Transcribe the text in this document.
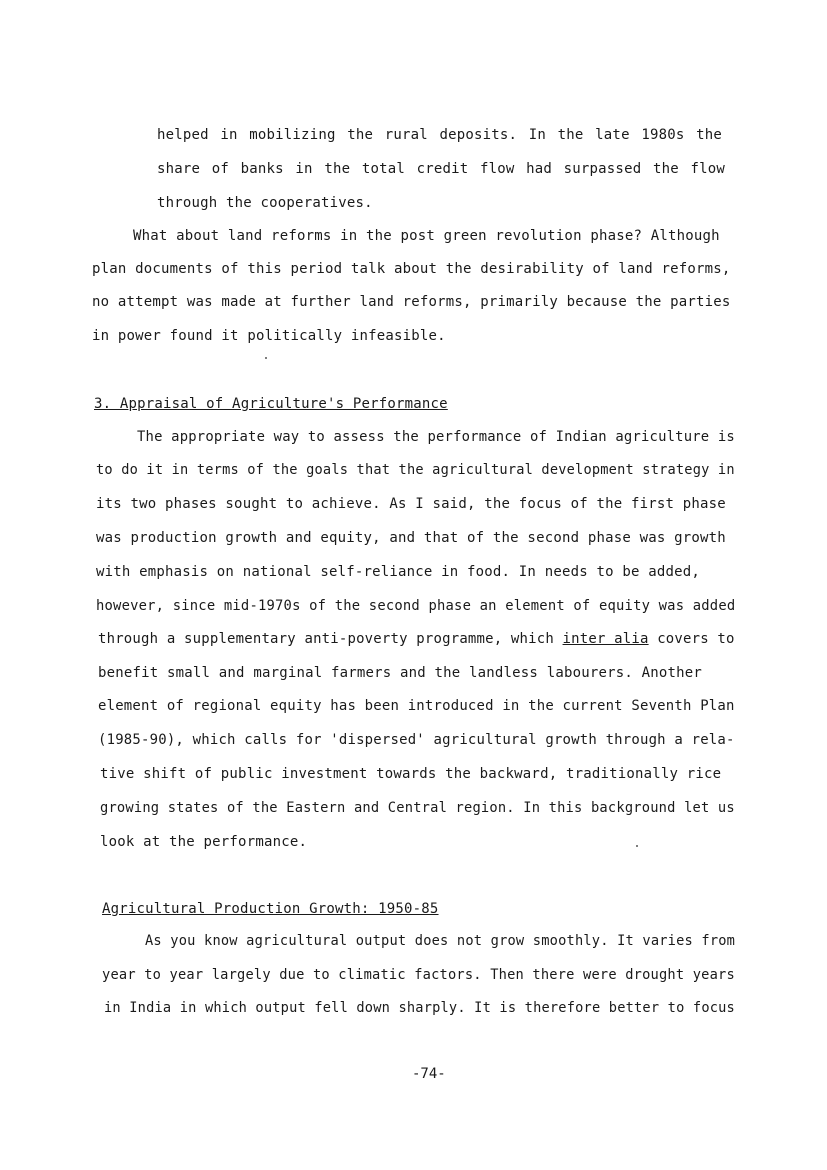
helped in mobilizing the rural deposits. In the late 1980s the
share of banks in the total credit flow had surpassed the flow
through the cooperatives.
What about land reforms in the post green revolution phase? Although
plan documents of this period talk about the desirability of land reforms,
no attempt was made at further land reforms, primarily because the parties
in power found it politically infeasible.
3. Appraisal of Agriculture's Performance
The appropriate way to assess the performance of Indian agriculture is
to do it in terms of the goals that the agricultural development strategy in
its two phases sought to achieve. As I said, the focus of the first phase
was production growth and equity, and that of the second phase was growth
with emphasis on national self-reliance in food. In needs to be added,
however, since mid-1970s of the second phase an element of equity was added
through a supplementary anti-poverty programme, which inter alia covers to
benefit small and marginal farmers and the landless labourers. Another
element of regional equity has been introduced in the current Seventh Plan
(1985-90), which calls for 'dispersed' agricultural growth through a rela-
tive shift of public investment towards the backward, traditionally rice
growing states of the Eastern and Central region. In this background let us
look at the performance.
Agricultural Production Growth: 1950-85
As you know agricultural output does not grow smoothly. It varies from
year to year largely due to climatic factors. Then there were drought years
in India in which output fell down sharply. It is therefore better to focus
-74-
